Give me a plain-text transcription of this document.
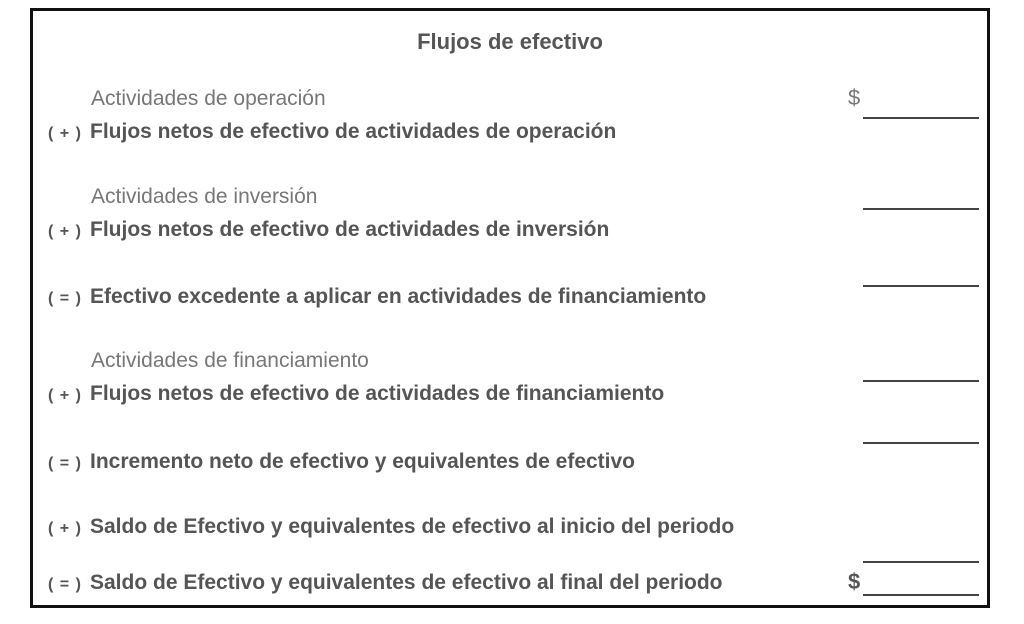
Flujos de efectivo
Actividades de operación	$
( + ) Flujos netos de efectivo de actividades de operación
Actividades de inversión
( + ) Flujos netos de efectivo de actividades de inversión
( = ) Efectivo excedente a aplicar en actividades de financiamiento
Actividades de financiamiento
( + ) Flujos netos de efectivo de actividades de financiamiento
( = ) Incremento neto de efectivo y equivalentes de efectivo
( + ) Saldo de Efectivo y equivalentes de efectivo al inicio del periodo
( = ) Saldo de Efectivo y equivalentes de efectivo al final del periodo	$
